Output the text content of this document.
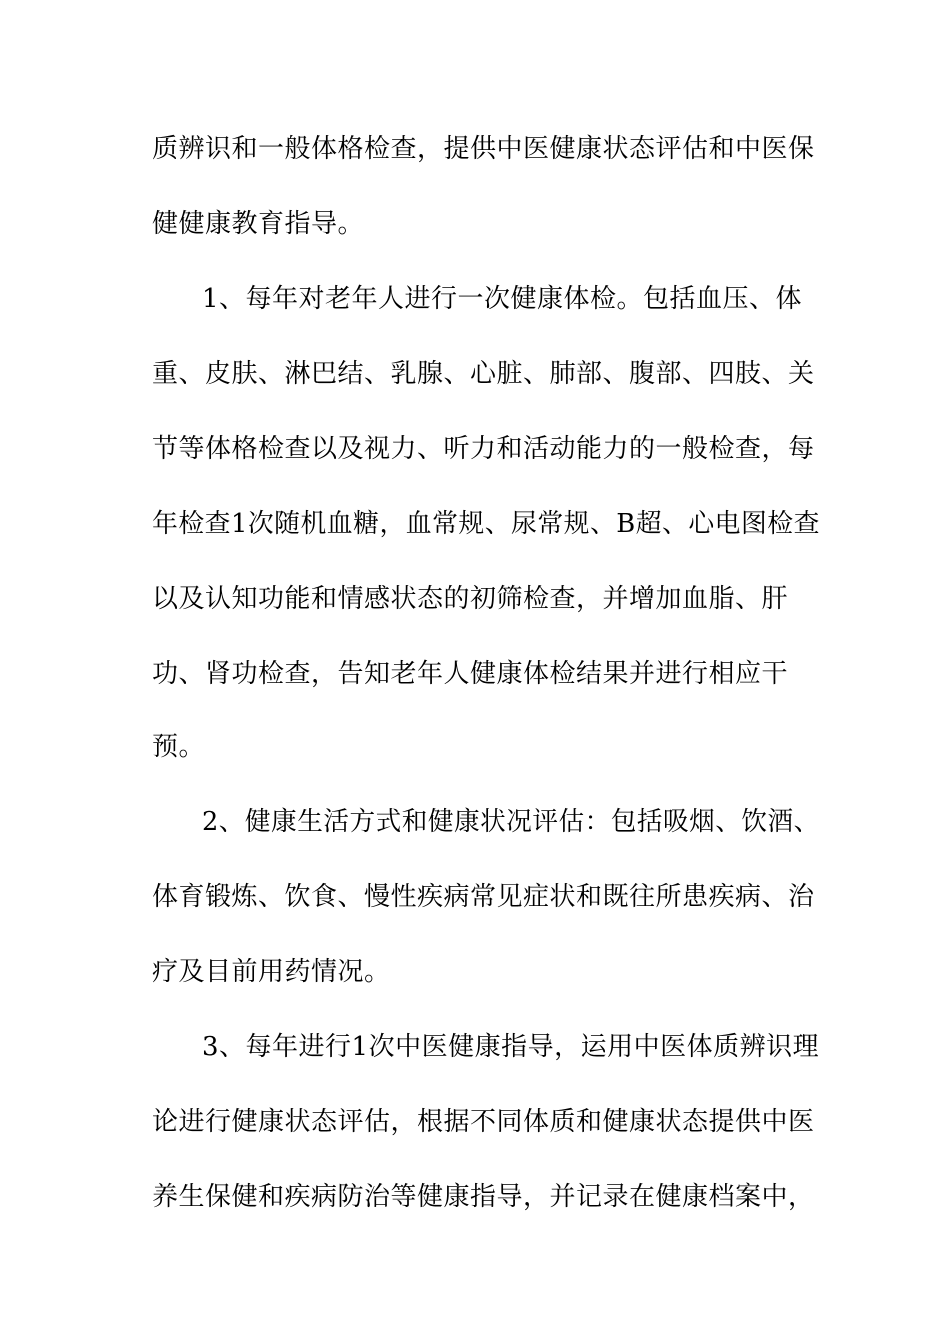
质辨识和一般体格检查，提供中医健康状态评估和中医保
健健康教育指导。
1、每年对老年人进行一次健康体检。包括血压、体
重、皮肤、淋巴结、乳腺、心脏、肺部、腹部、四肢、关
节等体格检查以及视力、听力和活动能力的一般检查，每
年检查1次随机血糖，血常规、尿常规、B超、心电图检查
以及认知功能和情感状态的初筛检查，并增加血脂、肝
功、肾功检查，告知老年人健康体检结果并进行相应干
预。
2、健康生活方式和健康状况评估：包括吸烟、饮酒、
体育锻炼、饮食、慢性疾病常见症状和既往所患疾病、治
疗及目前用药情况。
3、每年进行1次中医健康指导，运用中医体质辨识理
论进行健康状态评估，根据不同体质和健康状态提供中医
养生保健和疾病防治等健康指导，并记录在健康档案中，
